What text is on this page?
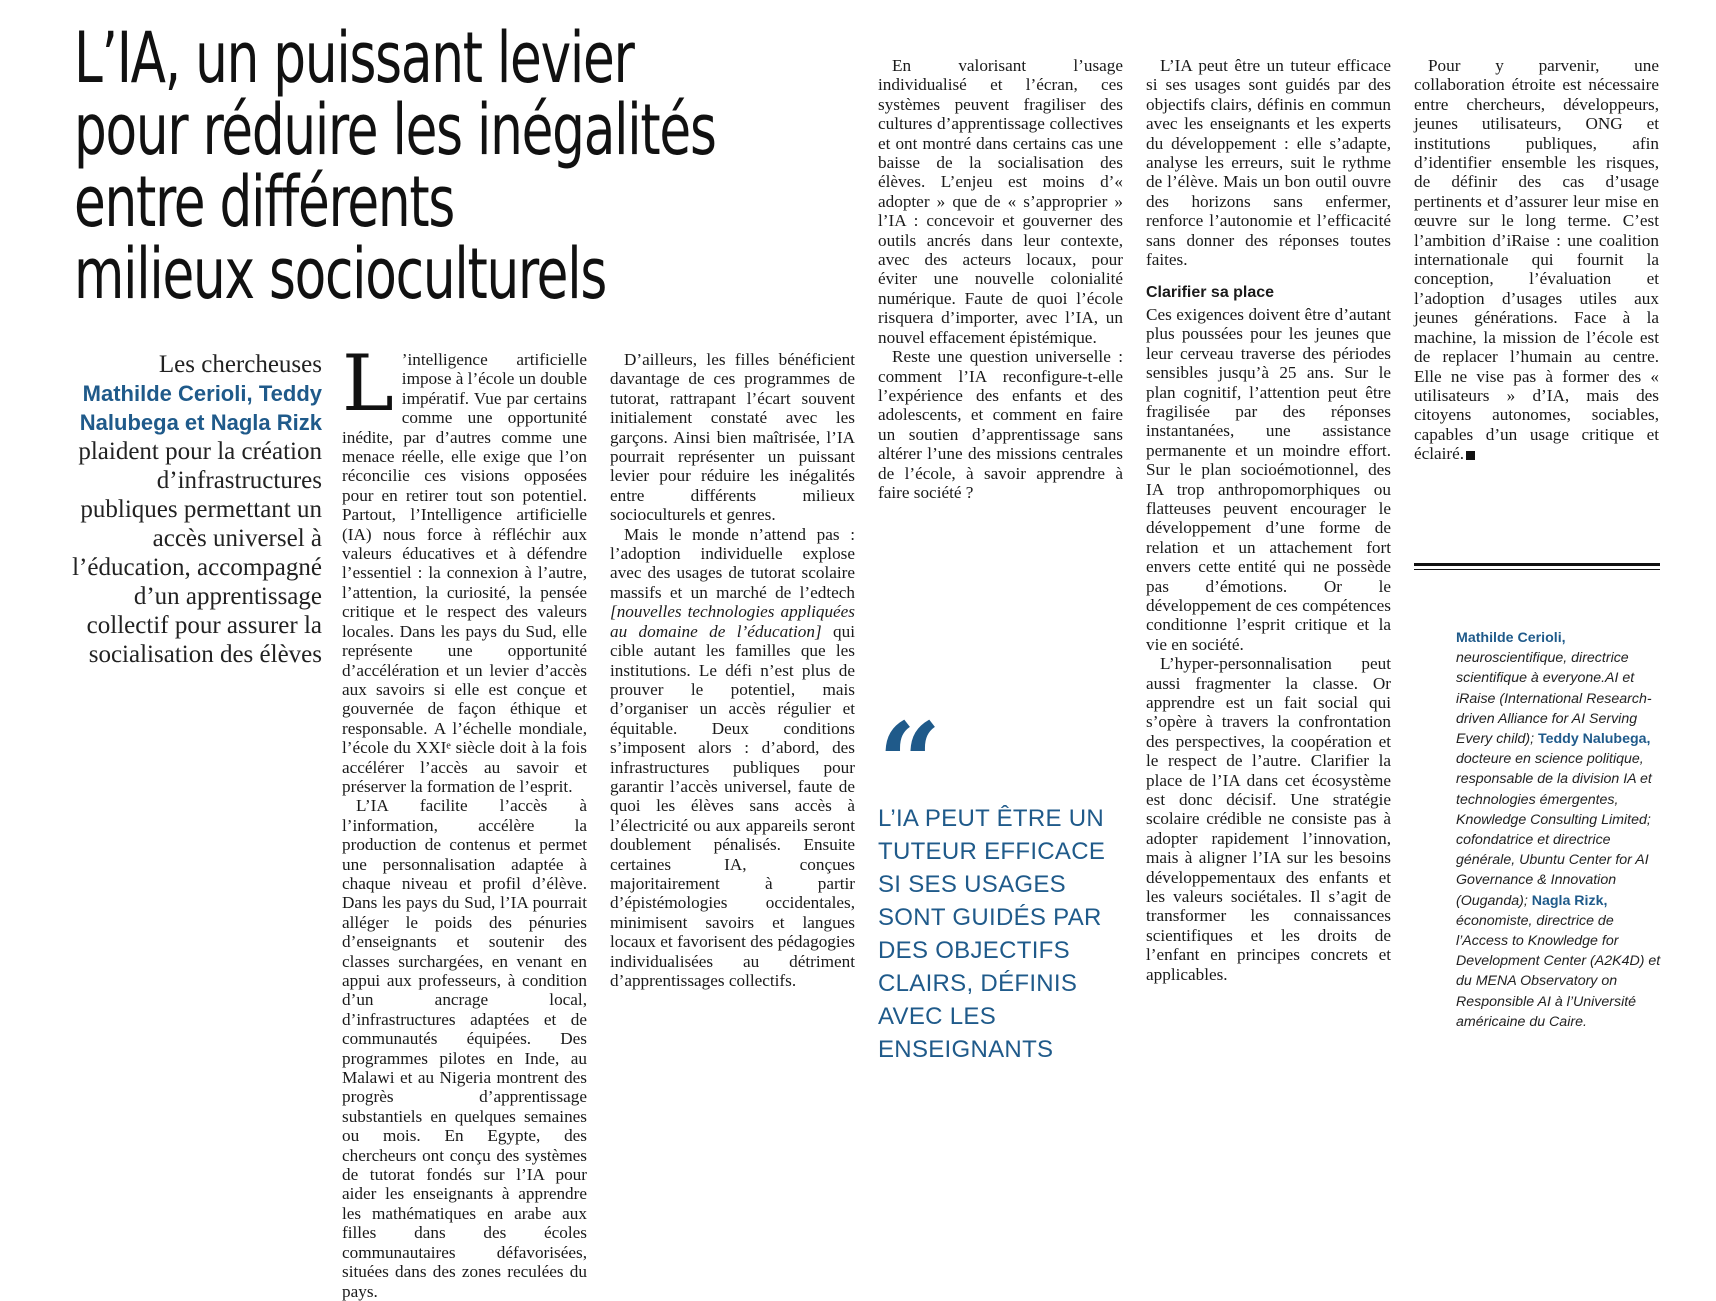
L’IA, un puissant levier
pour réduire les inégalités
entre différents
milieux socioculturels
Les chercheuses Mathilde Cerioli, Teddy Nalubega et Nagla Rizk plaident pour la création d’infrastructures publiques permettant un accès universel à l’éducation, accompagné d’un apprentissage collectif pour assurer la socialisation des élèves

L ’intelligence artificielle impose à l’école un double impératif. Vue par certains comme une opportunité inédite, par d’autres comme une menace réelle, elle exige que l’on réconcilie ces visions opposées pour en retirer tout son potentiel. Partout, l’Intelligence artificielle (IA) nous force à réfléchir aux valeurs éducatives et à défendre l’essentiel : la connexion à l’autre, l’attention, la curiosité, la pensée critique et le respect des valeurs locales. Dans les pays du Sud, elle représente une opportunité d’accélération et un levier d’accès aux savoirs si elle est conçue et gouvernée de façon éthique et responsable. A l’échelle mondiale, l’école du XXIᵉ siècle doit à la fois accélérer l’accès au savoir et préserver la formation de l’esprit.

L’IA facilite l’accès à l’information, accélère la production de contenus et permet une personnalisation adaptée à chaque niveau et profil d’élève. Dans les pays du Sud, l’IA pourrait alléger le poids des pénuries d’enseignants et soutenir des classes surchargées, en venant en appui aux professeurs, à condition d’un ancrage local, d’infrastructures adaptées et de communautés équipées. Des programmes pilotes en Inde, au Malawi et au Nigeria montrent des progrès d’apprentissage substantiels en quelques semaines ou mois. En Egypte, des chercheurs ont conçu des systèmes de tutorat fondés sur l’IA pour aider les enseignants à apprendre les mathématiques en arabe aux filles dans des écoles communautaires défavorisées, situées dans des zones reculées du pays.

D’ailleurs, les filles bénéficient davantage de ces programmes de tutorat, rattrapant l’écart souvent initialement constaté avec les garçons. Ainsi bien maîtrisée, l’IA pourrait représenter un puissant levier pour réduire les inégalités entre différents milieux socioculturels et genres.

Mais le monde n’attend pas : l’adoption individuelle explose avec des usages de tutorat scolaire massifs et un marché de l’edtech [nouvelles technologies appliquées au domaine de l’éducation] qui cible autant les familles que les institutions. Le défi n’est plus de prouver le potentiel, mais d’organiser un accès régulier et équitable. Deux conditions s’imposent alors : d’abord, des infrastructures publiques pour garantir l’accès universel, faute de quoi les élèves sans accès à l’électricité ou aux appareils seront doublement pénalisés. Ensuite certaines IA, conçues majoritairement à partir d’épistémologies occidentales, minimisent savoirs et langues locaux et favorisent des pédagogies individualisées au détriment d’apprentissages collectifs.

En valorisant l’usage individualisé et l’écran, ces systèmes peuvent fragiliser des cultures d’apprentissage collectives et ont montré dans certains cas une baisse de la socialisation des élèves. L’enjeu est moins d’« adopter » que de « s’approprier » l’IA : concevoir et gouverner des outils ancrés dans leur contexte, avec des acteurs locaux, pour éviter une nouvelle colonialité numérique. Faute de quoi l’école risquera d’importer, avec l’IA, un nouvel effacement épistémique.

Reste une question universelle : comment l’IA reconfigure-t-elle l’expérience des enfants et des adolescents, et comment en faire un soutien d’apprentissage sans altérer l’une des missions centrales de l’école, à savoir apprendre à faire société ?

L’IA peut être un tuteur efficace si ses usages sont guidés par des objectifs clairs, définis en commun avec les enseignants et les experts du développement : elle s’adapte, analyse les erreurs, suit le rythme de l’élève. Mais un bon outil ouvre des horizons sans enfermer, renforce l’autonomie et l’efficacité sans donner des réponses toutes faites.

Clarifier sa place

Ces exigences doivent être d’autant plus poussées pour les jeunes que leur cerveau traverse des périodes sensibles jusqu’à 25 ans. Sur le plan cognitif, l’attention peut être fragilisée par des réponses instantanées, une assistance permanente et un moindre effort. Sur le plan socioémotionnel, des IA trop anthropomorphiques ou flatteuses peuvent encourager le développement d’une forme de relation et un attachement fort envers cette entité qui ne possède pas d’émotions. Or le développement de ces compétences conditionne l’esprit critique et la vie en société.

L’hyper-personnalisation peut aussi fragmenter la classe. Or apprendre est un fait social qui s’opère à travers la confrontation des perspectives, la coopération et le respect de l’autre. Clarifier la place de l’IA dans cet écosystème est donc décisif. Une stratégie scolaire crédible ne consiste pas à adopter rapidement l’innovation, mais à aligner l’IA sur les besoins développementaux des enfants et les valeurs sociétales. Il s’agit de transformer les connaissances scientifiques et les droits de l’enfant en principes concrets et applicables.

Pour y parvenir, une collaboration étroite est nécessaire entre chercheurs, développeurs, jeunes utilisateurs, ONG et institutions publiques, afin d’identifier ensemble les risques, de définir des cas d’usage pertinents et d’assurer leur mise en œuvre sur le long terme. C’est l’ambition d’iRaise : une coalition internationale qui fournit la conception, l’évaluation et l’adoption d’usages utiles aux jeunes générations. Face à la machine, la mission de l’école est de replacer l’humain au centre. Elle ne vise pas à former des « utilisateurs » d’IA, mais des citoyens autonomes, sociables, capables d’un usage critique et éclairé.

“
L’IA PEUT ÊTRE UN TUTEUR EFFICACE SI SES USAGES SONT GUIDÉS PAR DES OBJECTIFS CLAIRS, DÉFINIS AVEC LES ENSEIGNANTS
Mathilde Cerioli, neuroscientifique, directrice scientifique à everyone.AI et iRaise (International Research-driven Alliance for AI Serving Every child); Teddy Nalubega, docteure en science politique, responsable de la division IA et technologies émergentes, Knowledge Consulting Limited; cofondatrice et directrice générale, Ubuntu Center for AI Governance & Innovation (Ouganda); Nagla Rizk, économiste, directrice de l’Access to Knowledge for Development Center (A2K4D) et du MENA Observatory on Responsible AI à l’Université américaine du Caire.
